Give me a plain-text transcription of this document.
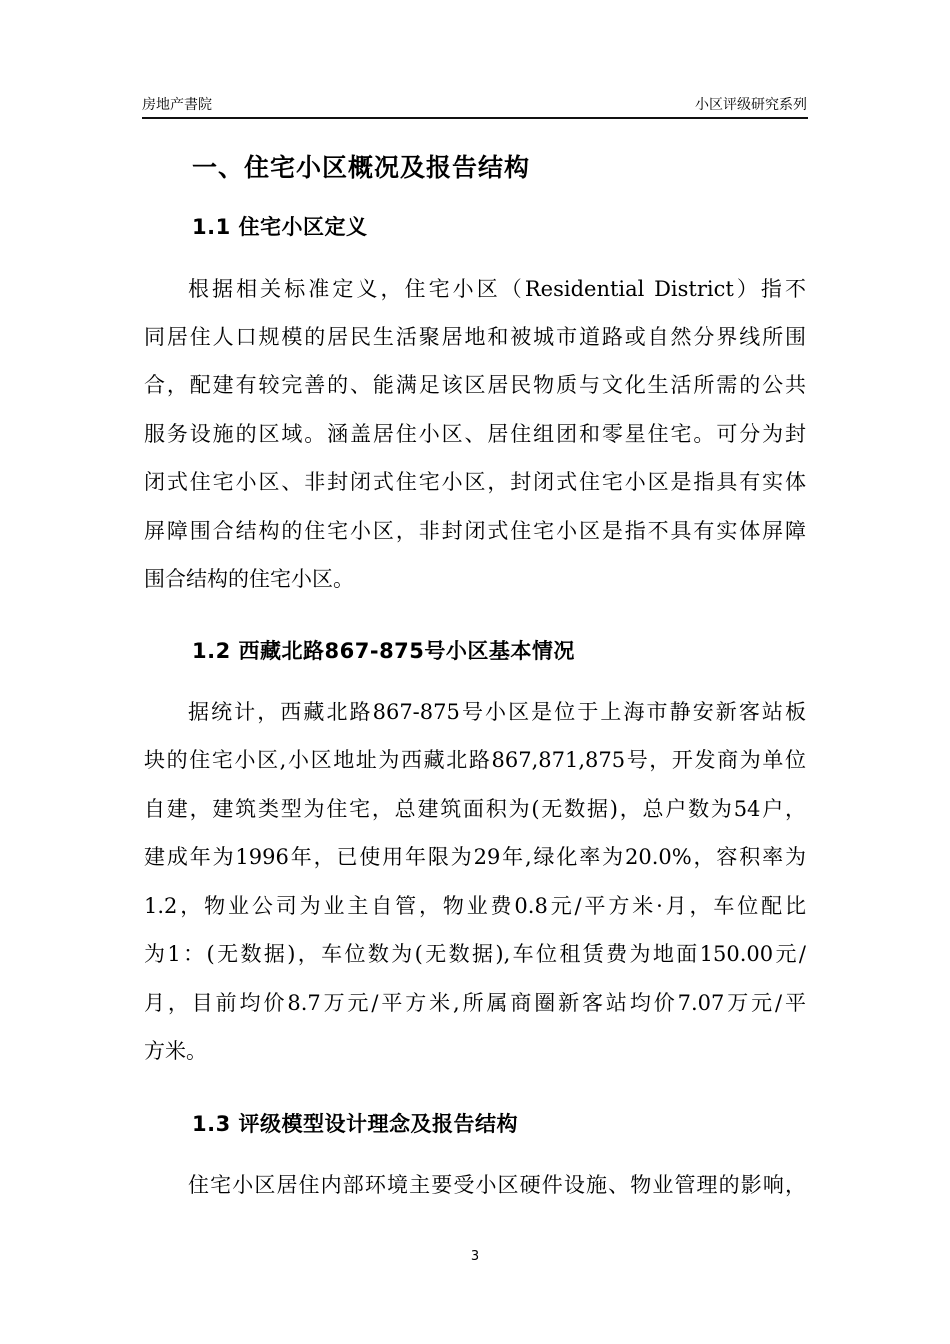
房地产書院	小区评级研究系列
一、住宅小区概况及报告结构
1.1 住宅小区定义
根据相关标准定义，住宅小区（Residential District）指不
同居住人口规模的居民生活聚居地和被城市道路或自然分界线所围
合，配建有较完善的、能满足该区居民物质与文化生活所需的公共
服务设施的区域。涵盖居住小区、居住组团和零星住宅。可分为封
闭式住宅小区、非封闭式住宅小区，封闭式住宅小区是指具有实体
屏障围合结构的住宅小区，非封闭式住宅小区是指不具有实体屏障
围合结构的住宅小区。
1.2 西藏北路867-875号小区基本情况
据统计，西藏北路867-875号小区是位于上海市静安新客站板
块的住宅小区,小区地址为西藏北路867,871,875号，开发商为单位
自建，建筑类型为住宅，总建筑面积为(无数据)，总户数为54户，
建成年为1996年，已使用年限为29年,绿化率为20.0%，容积率为
1.2，物业公司为业主自管，物业费0.8元/平方米·月，车位配比
为1：(无数据)，车位数为(无数据),车位租赁费为地面150.00元/
月，目前均价8.7万元/平方米,所属商圈新客站均价7.07万元/平
方米。
1.3 评级模型设计理念及报告结构
住宅小区居住内部环境主要受小区硬件设施、物业管理的影响，
3
